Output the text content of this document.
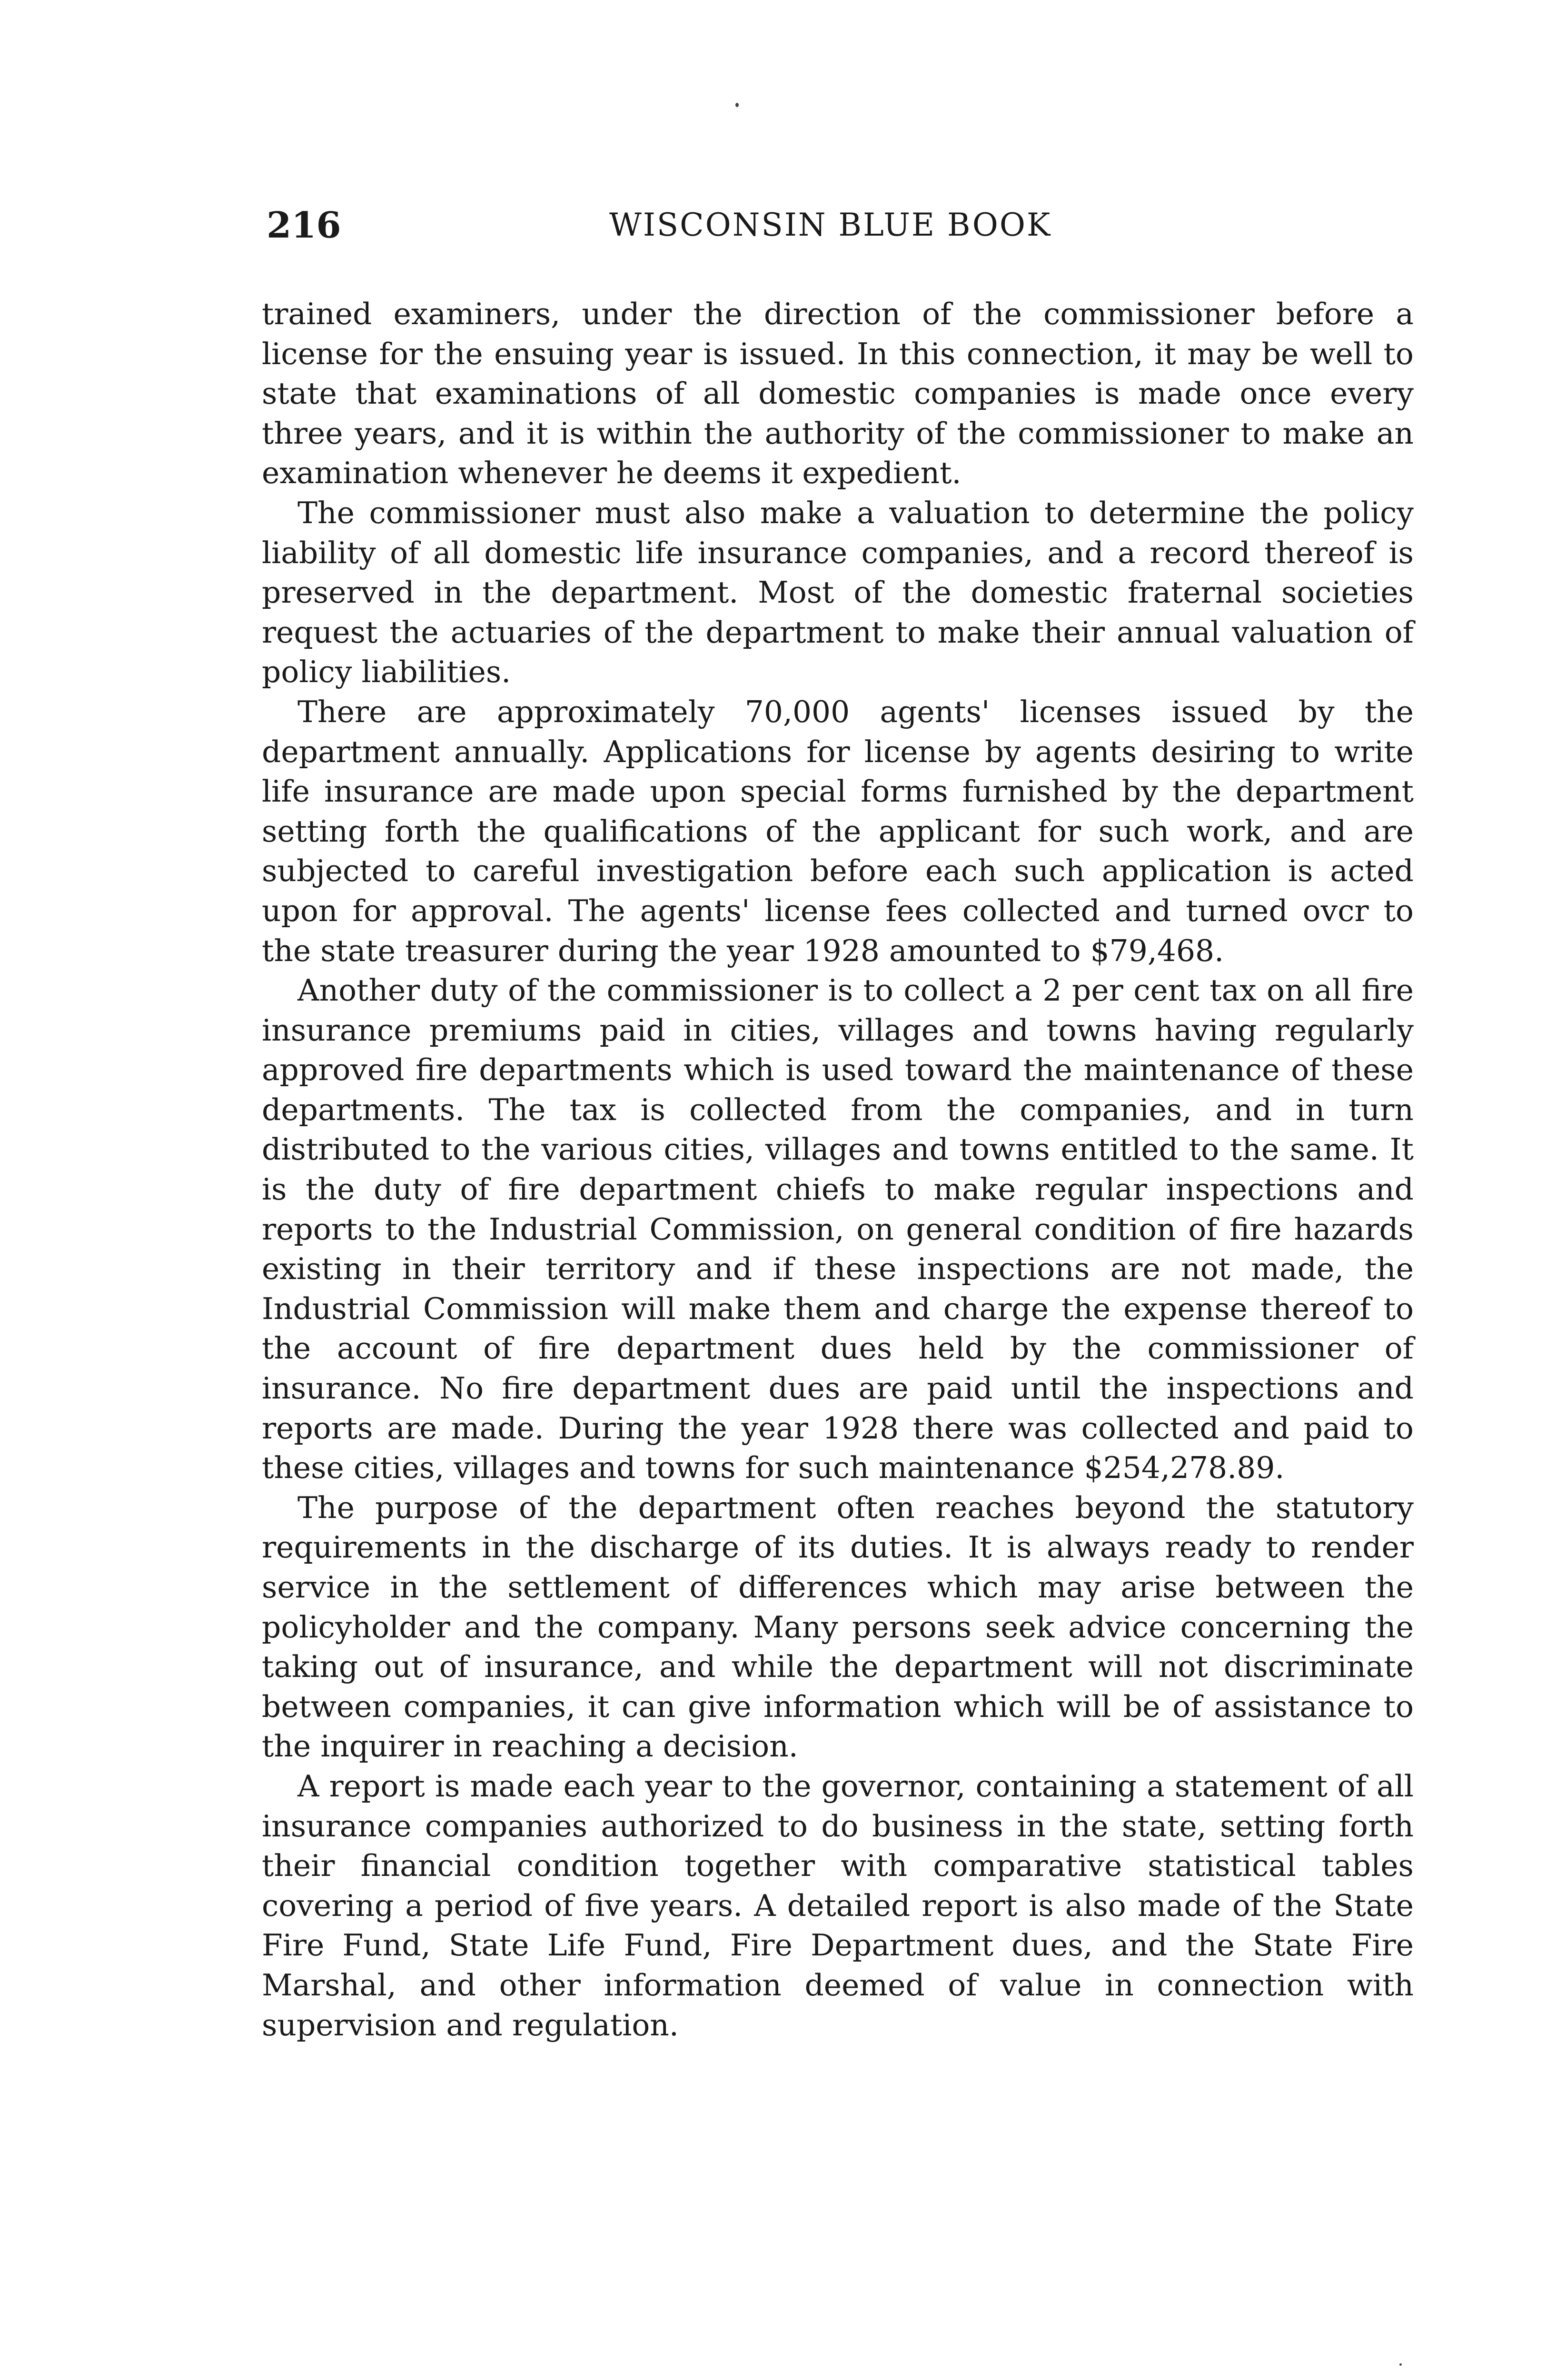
216	WISCONSIN BLUE BOOK

trained examiners, under the direction of the commissioner before a license for the ensuing year is issued. In this connection, it may be well to state that examinations of all domestic companies is made once every three years, and it is within the authority of the commissioner to make an examination whenever he deems it expedient.

The commissioner must also make a valuation to determine the policy liability of all domestic life insurance companies, and a record thereof is preserved in the department. Most of the domestic fraternal societies request the actuaries of the department to make their annual valuation of policy liabilities.

There are approximately 70,000 agents' licenses issued by the department annually. Applications for license by agents desiring to write life insurance are made upon special forms furnished by the department setting forth the qualifications of the applicant for such work, and are subjected to careful investigation before each such application is acted upon for approval. The agents' license fees collected and turned ovcr to the state treasurer during the year 1928 amounted to $79,468.

Another duty of the commissioner is to collect a 2 per cent tax on all fire insurance premiums paid in cities, villages and towns having regularly approved fire departments which is used toward the maintenance of these departments. The tax is collected from the companies, and in turn distributed to the various cities, villages and towns entitled to the same. It is the duty of fire department chiefs to make regular inspections and reports to the Industrial Commission, on general condition of fire hazards existing in their territory and if these inspections are not made, the Industrial Commission will make them and charge the expense thereof to the account of fire department dues held by the commissioner of insurance. No fire department dues are paid until the inspections and reports are made. During the year 1928 there was collected and paid to these cities, villages and towns for such maintenance $254,278.89.

The purpose of the department often reaches beyond the statutory requirements in the discharge of its duties. It is always ready to render service in the settlement of differences which may arise between the policyholder and the company. Many persons seek advice concerning the taking out of insurance, and while the department will not discriminate between companies, it can give information which will be of assistance to the inquirer in reaching a decision.

A report is made each year to the governor, containing a statement of all insurance companies authorized to do business in the state, setting forth their financial condition together with comparative statistical tables covering a period of five years. A detailed report is also made of the State Fire Fund, State Life Fund, Fire Department dues, and the State Fire Marshal, and other information deemed of value in connection with supervision and regulation.
